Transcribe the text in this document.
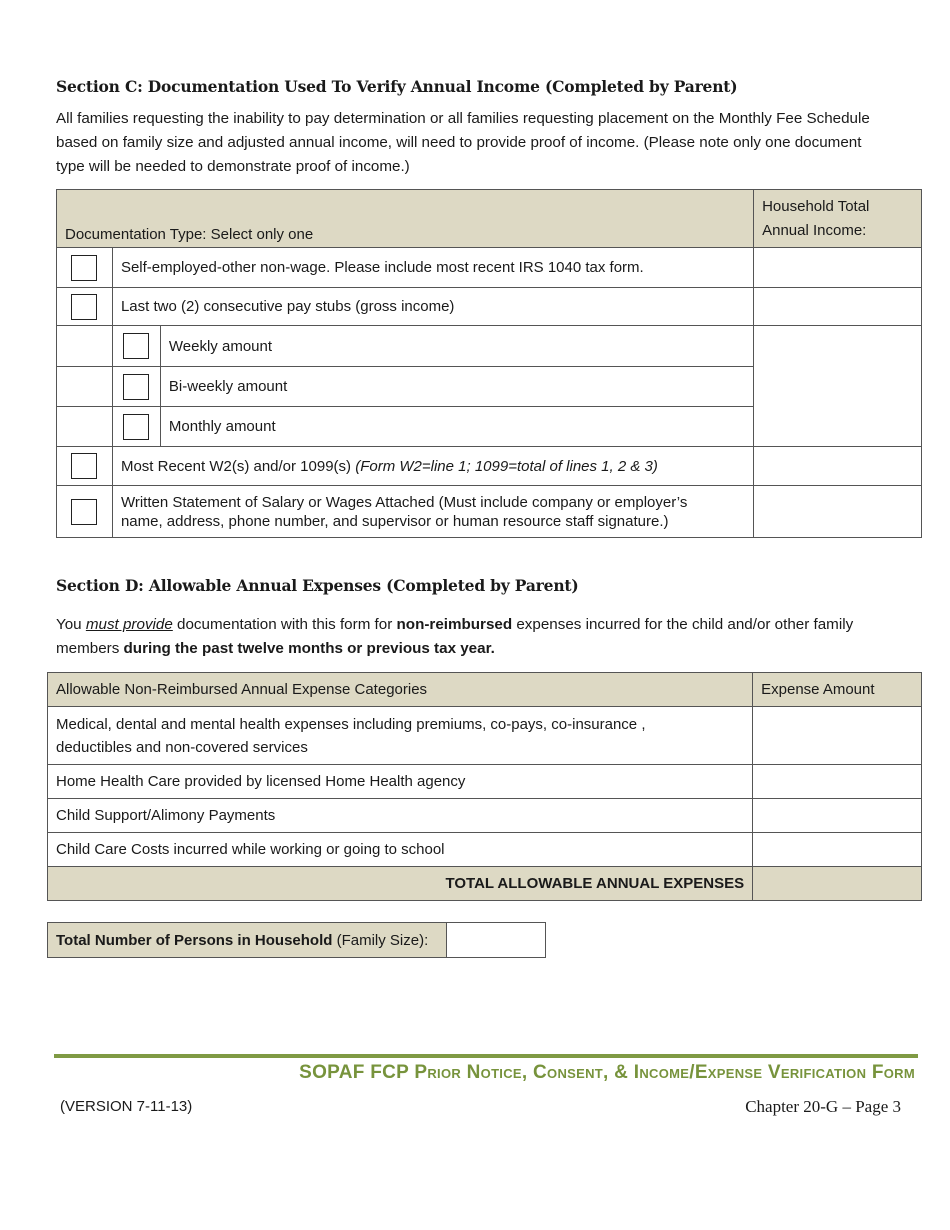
Section C: Documentation Used To Verify Annual Income (Completed by Parent)
All families requesting the inability to pay determination or all families requesting placement on the Monthly Fee Schedule
based on family size and adjusted annual income, will need to provide proof of income. (Please note only one document
type will be needed to demonstrate proof of income.)
Documentation Type: Select only one			Household Total
Annual Income:

	Self-employed-other non-wage. Please include most recent IRS 1040 tax form.		
	Last two (2) consecutive pay stubs (gross income)		
		Weekly amount	
		Bi-weekly amount	
		Monthly amount	
	Most Recent W2(s) and/or 1099(s) (Form W2=line 1; 1099=total of lines 1, 2 & 3)		

	Written Statement of Salary or Wages Attached (Must include company or employer’s
name, address, phone number, and supervisor or human resource staff signature.)		

Section D: Allowable Annual Expenses (Completed by Parent)
You must provide documentation with this form for non-reimbursed expenses incurred for the child and/or other family
members during the past twelve months or previous tax year.
Allowable Non-Reimbursed Annual Expense Categories	Expense Amount

Medical, dental and mental health expenses including premiums, co-pays, co-insurance ,
deductibles and non-covered services	

Home Health Care provided by licensed Home Health agency	
Child Support/Alimony Payments	
Child Care Costs incurred while working or going to school	
TOTAL ALLOWABLE ANNUAL EXPENSES	
Total Number of Persons in Household (Family Size):	
SOPAF FCP Prior Notice, Consent, & Income/Expense Verification Form
(VERSION 7-11-13)	Chapter 20-G – Page 3
